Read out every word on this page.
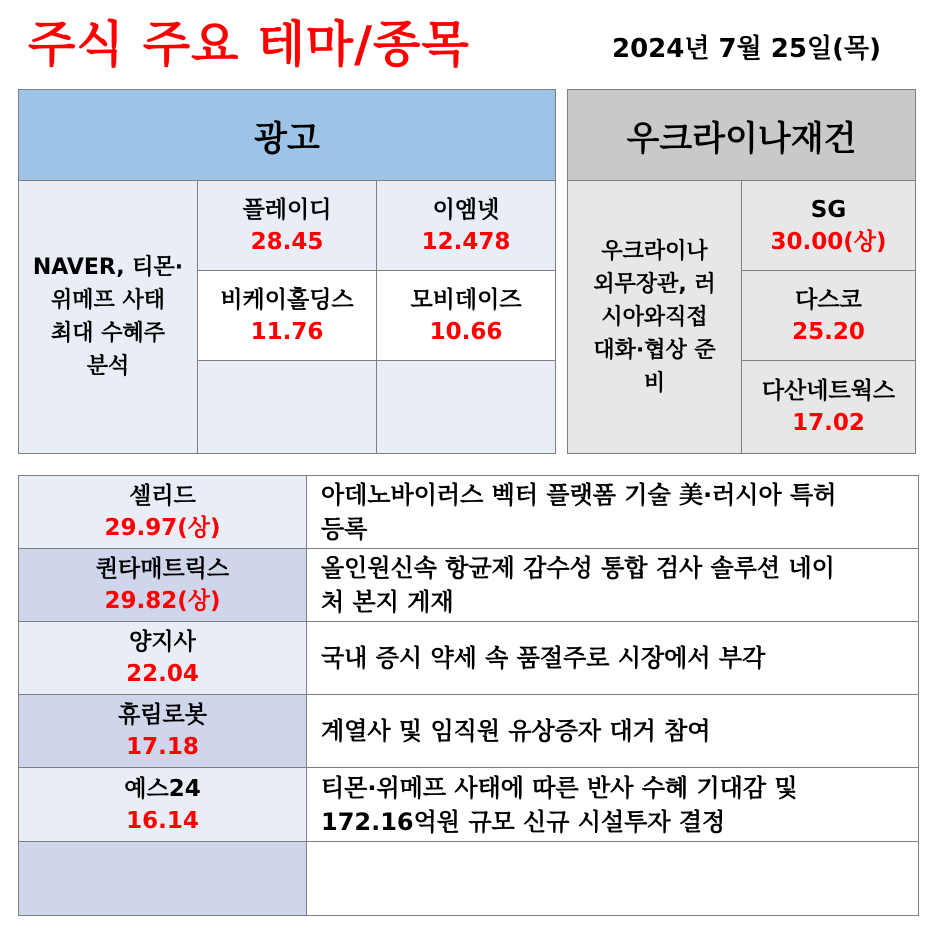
주식 주요 테마/종목	2024년 7월 25일(목)
광고
NAVER, 티몬·
위메프 사태
최대 수혜주
분석
플레이디
28.45
이엠넷
12.478
비케이홀딩스
11.76
모비데이즈
10.66
우크라이나재건
우크라이나
외무장관, 러
시아와직접
대화·협상 준
비
SG
30.00(상)
다스코
25.20
다산네트웍스
17.02
셀리드
29.97(상)
아데노바이러스 벡터 플랫폼 기술 美·러시아 특허
등록
퀀타매트릭스
29.82(상)
올인원신속 항균제 감수성 통합 검사 솔루션 네이
처 본지 게재
양지사
22.04
국내 증시 약세 속 품절주로 시장에서 부각
휴림로봇
17.18
계열사 및 임직원 유상증자 대거 참여
예스24
16.14
티몬·위메프 사태에 따른 반사 수혜 기대감 및
172.16억원 규모 신규 시설투자 결정
